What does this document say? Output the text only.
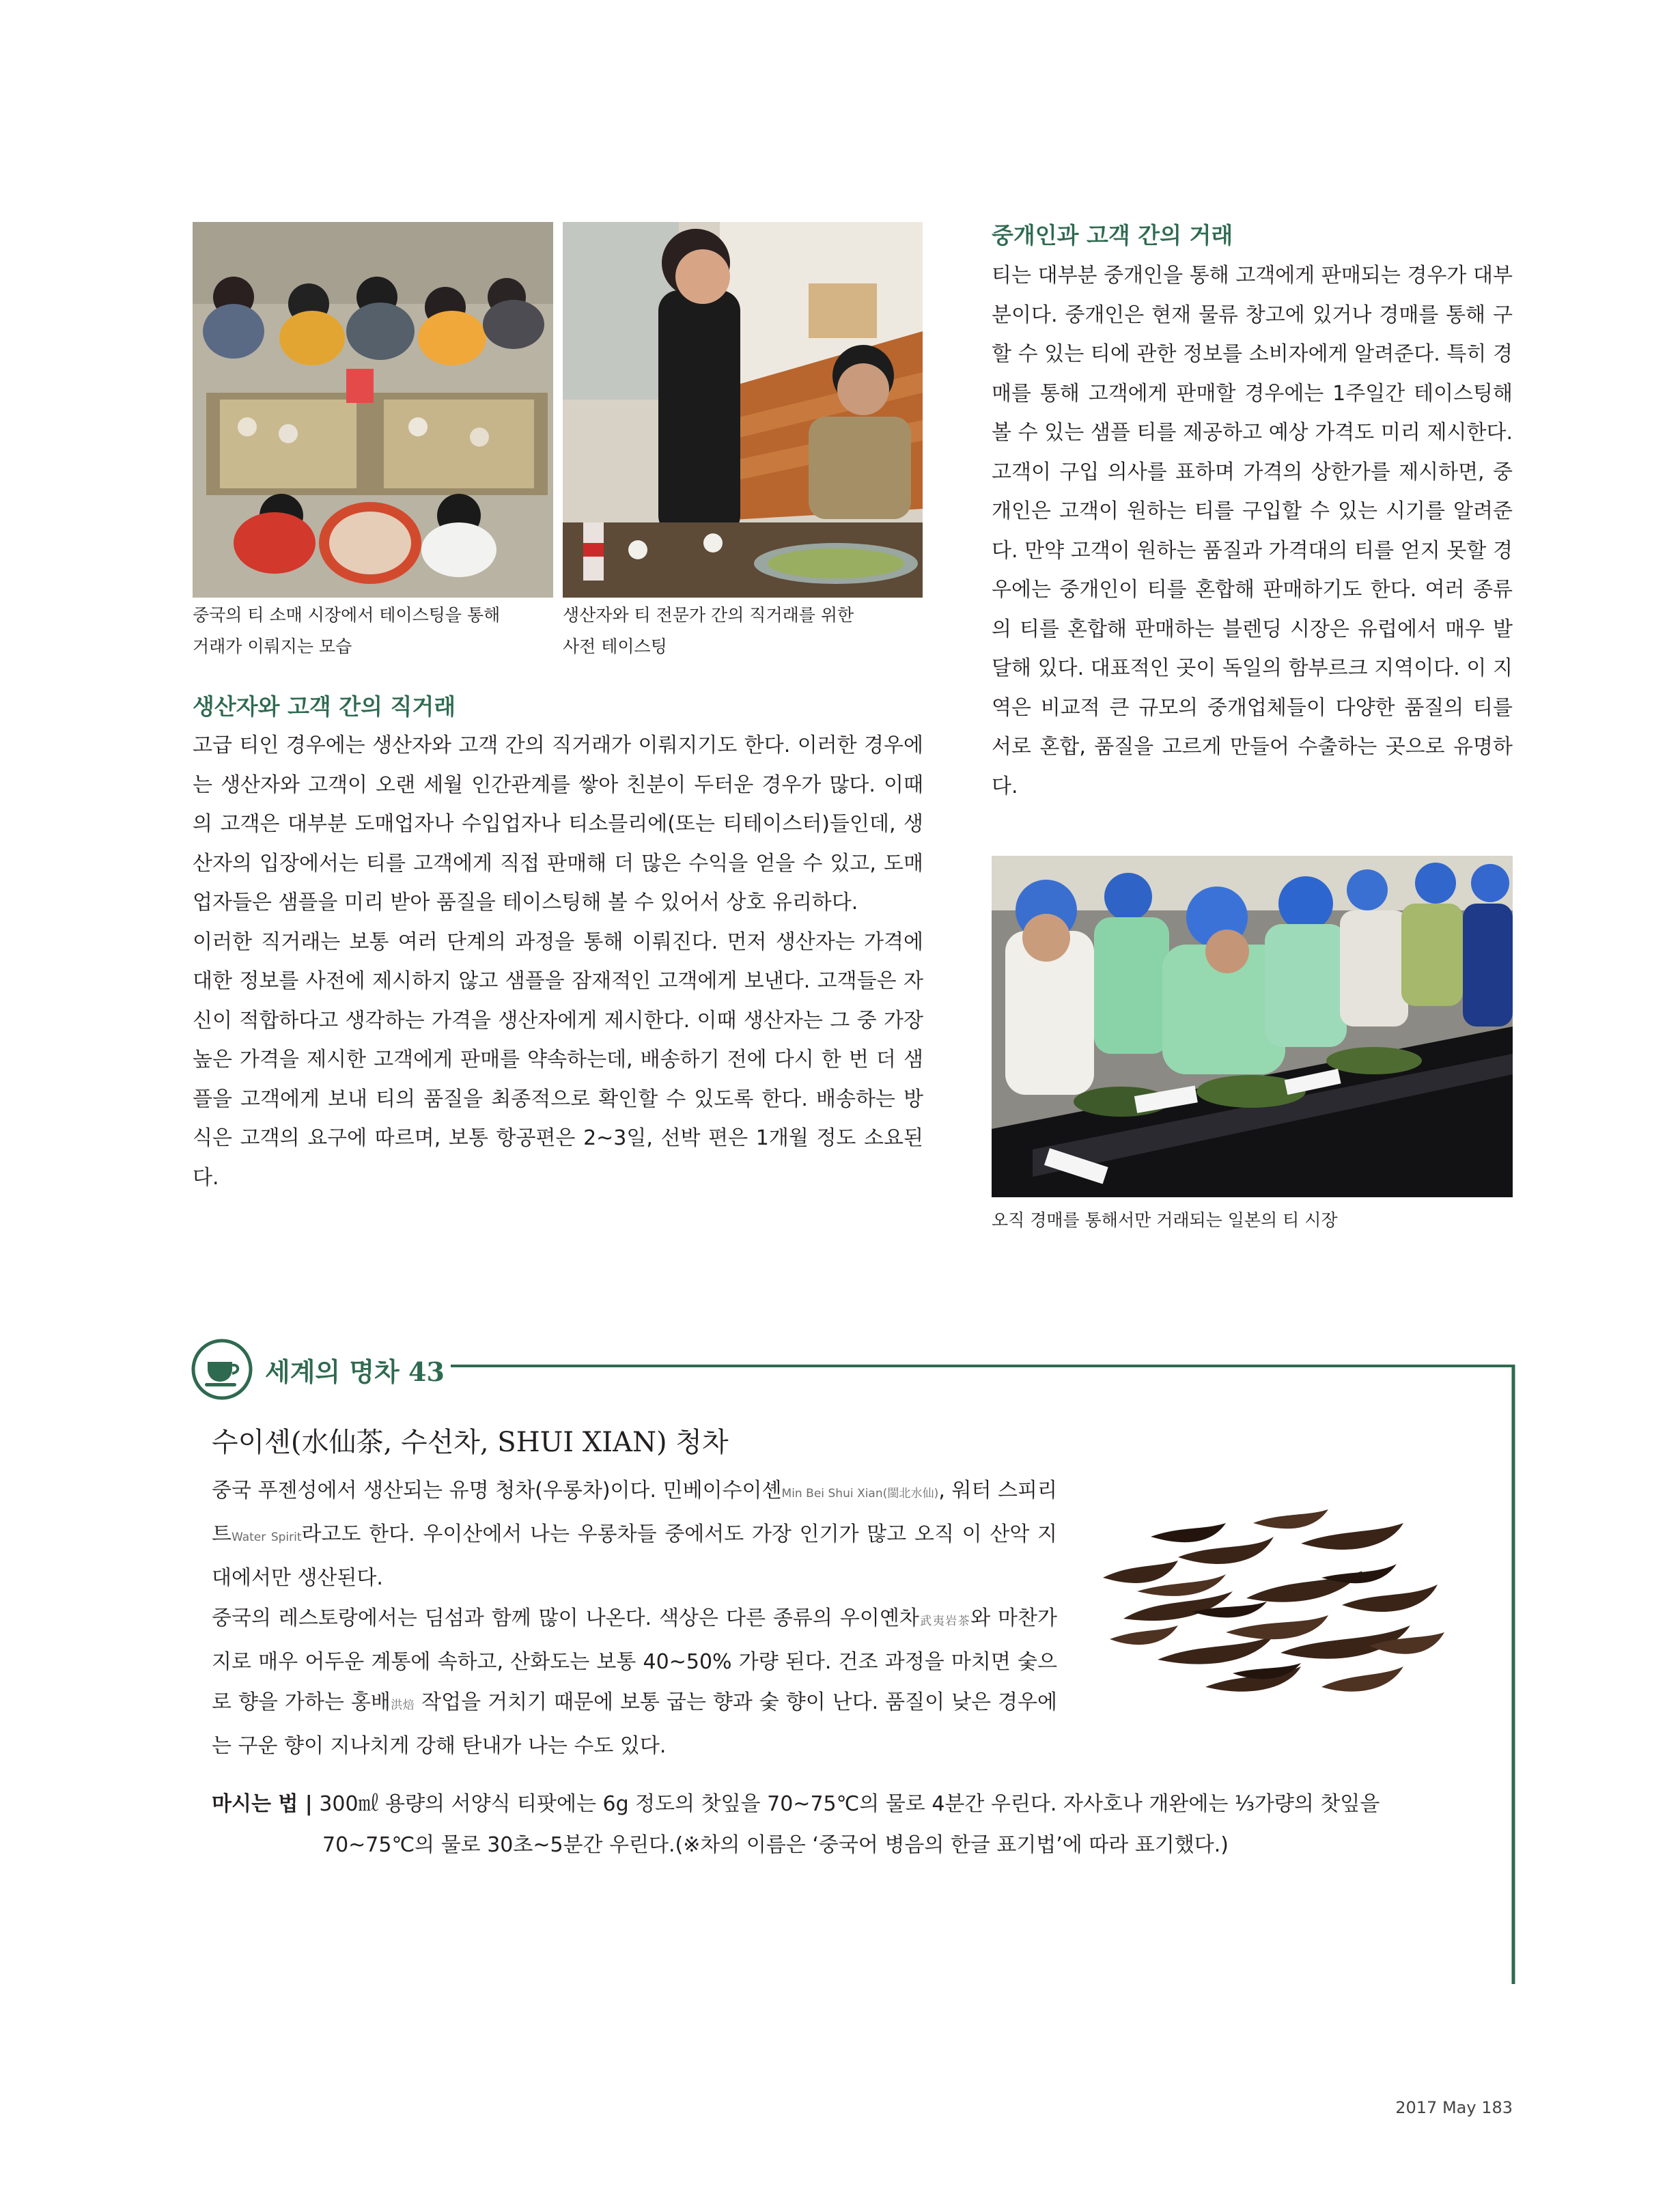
중국의 티 소매 시장에서 테이스팅을 통해
거래가 이뤄지는 모습
생산자와 티 전문가 간의 직거래를 위한
사전 테이스팅
생산자와 고객 간의 직거래

고급 티인 경우에는 생산자와 고객 간의 직거래가 이뤄지기도 한다. 이러한 경우에는 생산자와 고객이 오랜 세월 인간관계를 쌓아 친분이 두터운 경우가 많다. 이때의 고객은 대부분 도매업자나 수입업자나 티소믈리에(또는 티테이스터)들인데, 생산자의 입장에서는 티를 고객에게 직접 판매해 더 많은 수익을 얻을 수 있고, 도매업자들은 샘플을 미리 받아 품질을 테이스팅해 볼 수 있어서 상호 유리하다.

이러한 직거래는 보통 여러 단계의 과정을 통해 이뤄진다. 먼저 생산자는 가격에 대한 정보를 사전에 제시하지 않고 샘플을 잠재적인 고객에게 보낸다. 고객들은 자신이 적합하다고 생각하는 가격을 생산자에게 제시한다. 이때 생산자는 그 중 가장 높은 가격을 제시한 고객에게 판매를 약속하는데, 배송하기 전에 다시 한 번 더 샘플을 고객에게 보내 티의 품질을 최종적으로 확인할 수 있도록 한다. 배송하는 방식은 고객의 요구에 따르며, 보통 항공편은 2~3일, 선박 편은 1개월 정도 소요된다.

중개인과 고객 간의 거래

티는 대부분 중개인을 통해 고객에게 판매되는 경우가 대부분이다. 중개인은 현재 물류 창고에 있거나 경매를 통해 구할 수 있는 티에 관한 정보를 소비자에게 알려준다. 특히 경매를 통해 고객에게 판매할 경우에는 1주일간 테이스팅해 볼 수 있는 샘플 티를 제공하고 예상 가격도 미리 제시한다. 고객이 구입 의사를 표하며 가격의 상한가를 제시하면, 중개인은 고객이 원하는 티를 구입할 수 있는 시기를 알려준다. 만약 고객이 원하는 품질과 가격대의 티를 얻지 못할 경우에는 중개인이 티를 혼합해 판매하기도 한다. 여러 종류의 티를 혼합해 판매하는 블렌딩 시장은 유럽에서 매우 발달해 있다. 대표적인 곳이 독일의 함부르크 지역이다. 이 지역은 비교적 큰 규모의 중개업체들이 다양한 품질의 티를 서로 혼합, 품질을 고르게 만들어 수출하는 곳으로 유명하다.

오직 경매를 통해서만 거래되는 일본의 티 시장
세계의 명차 43
수이셴(水仙茶, 수선차, SHUI XIAN) 청차

중국 푸젠성에서 생산되는 유명 청차(우롱차)이다. 민베이수이셴Min Bei Shui Xian(閩北水仙), 워터 스피리트Water Spirit라고도 한다. 우이산에서 나는 우롱차들 중에서도 가장 인기가 많고 오직 이 산악 지대에서만 생산된다.

중국의 레스토랑에서는 딤섬과 함께 많이 나온다. 색상은 다른 종류의 우이옌차武夷岩茶와 마찬가지로 매우 어두운 계통에 속하고, 산화도는 보통 40~50% 가량 된다. 건조 과정을 마치면 숯으로 향을 가하는 홍배洪焙 작업을 거치기 때문에 보통 굽는 향과 숯 향이 난다. 품질이 낮은 경우에는 구운 향이 지나치게 강해 탄내가 나는 수도 있다.

마시는 법 | 300㎖ 용량의 서양식 티팟에는 6g 정도의 찻잎을 70~75℃의 물로 4분간 우린다. 자사호나 개완에는 ⅓가량의 찻잎을
70~75℃의 물로 30초~5분간 우린다.(※차의 이름은 ‘중국어 병음의 한글 표기법’에 따라 표기했다.)
2017 May 183
